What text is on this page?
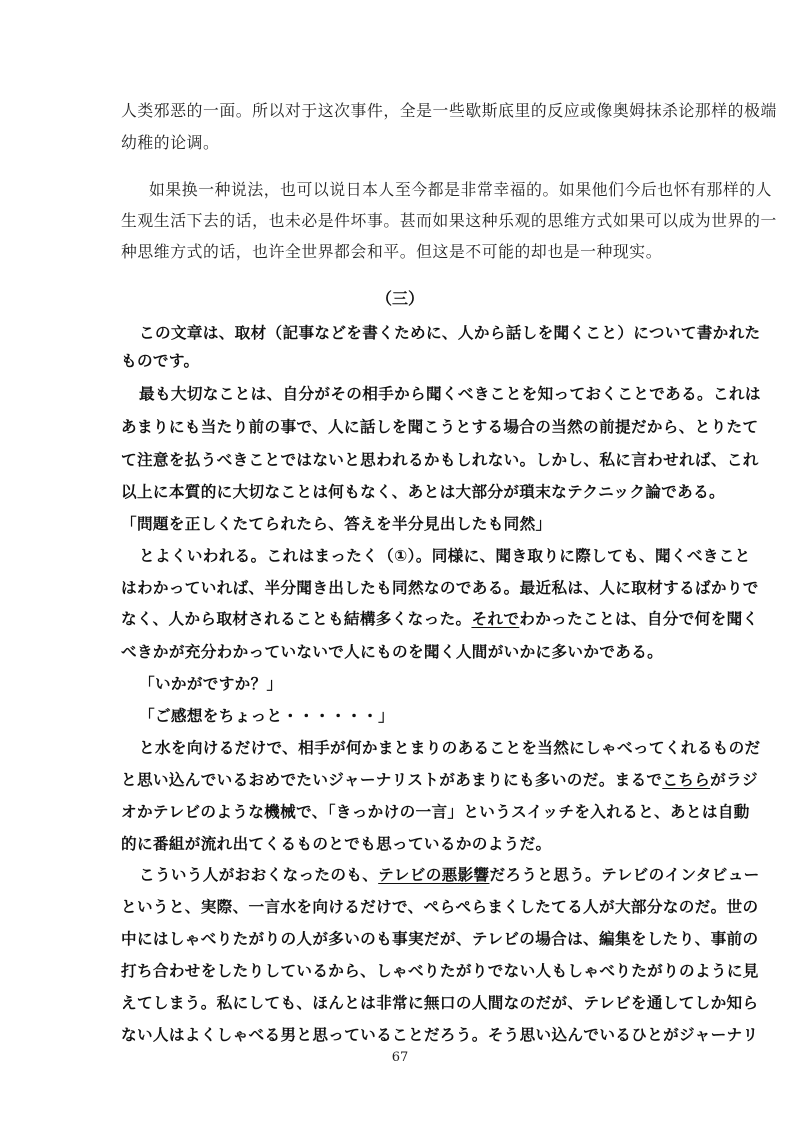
人类邪恶的一面。所以对于这次事件，全是一些歇斯底里的反应或像奥姆抹杀论那样的极端
幼稚的论调。
如果换一种说法，也可以说日本人至今都是非常幸福的。如果他们今后也怀有那样的人
生观生活下去的话，也未必是件坏事。甚而如果这种乐观的思维方式如果可以成为世界的一
种思维方式的话，也许全世界都会和平。但这是不可能的却也是一种现实。
（三）
この文章は、取材（記事などを書くために、人から話しを聞くこと）について書かれた
ものです。
最も大切なことは、自分がその相手から聞くべきことを知っておくことである。これは
あまりにも当たり前の事で、人に話しを聞こうとする場合の当然の前提だから、とりたて
て注意を払うべきことではないと思われるかもしれない。しかし、私に言わせれば、これ
以上に本質的に大切なことは何もなく、あとは大部分が瑣末なテクニック論である。
「問題を正しくたてられたら、答えを半分見出したも同然」
とよくいわれる。これはまったく（①）。同様に、聞き取りに際しても、聞くべきこと
はわかっていれば、半分聞き出したも同然なのである。最近私は、人に取材するばかりで
なく、人から取材されることも結構多くなった。それでわかったことは、自分で何を聞く
べきかが充分わかっていないで人にものを聞く人間がいかに多いかである。
「いかがですか？」
「ご感想をちょっと・・・・・・」
と水を向けるだけで、相手が何かまとまりのあることを当然にしゃべってくれるものだ
と思い込んでいるおめでたいジャーナリストがあまりにも多いのだ。まるでこちらがラジ
オかテレビのような機械で、「きっかけの一言」というスイッチを入れると、あとは自動
的に番組が流れ出てくるものとでも思っているかのようだ。
こういう人がおおくなったのも、テレビの悪影響だろうと思う。テレビのインタビュー
というと、実際、一言水を向けるだけで、ぺらぺらまくしたてる人が大部分なのだ。世の
中にはしゃべりたがりの人が多いのも事実だが、テレビの場合は、編集をしたり、事前の
打ち合わせをしたりしているから、しゃべりたがりでない人もしゃべりたがりのように見
えてしまう。私にしても、ほんとは非常に無口の人間なのだが、テレビを通してしか知ら
ない人はよくしゃべる男と思っていることだろう。そう思い込んでいるひとがジャーナリ
67
